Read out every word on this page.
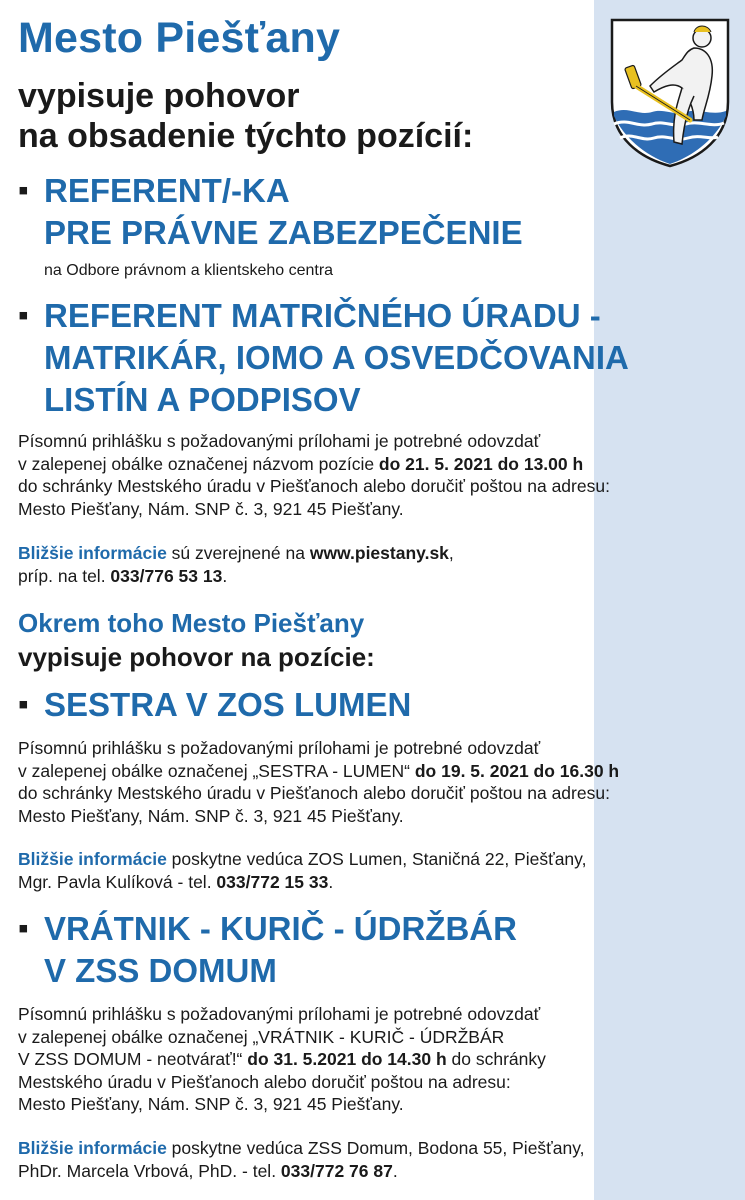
Mesto Piešťany
vypisuje pohovor
na obsadenie týchto pozícií:
▪ REFERENT/-KA
PRE PRÁVNE ZABEZPEČENIE
na Odbore právnom a klientskeho centra
▪ REFERENT MATRIČNÉHO ÚRADU -
MATRIKÁR, IOMO A OSVEDČOVANIA
LISTÍN A PODPISOV
Písomnú prihlášku s požadovanými prílohami je potrebné odovzdať
v zalepenej obálke označenej názvom pozície do 21. 5. 2021 do 13.00 h
do schránky Mestského úradu v Piešťanoch alebo doručiť poštou na adresu:
Mesto Piešťany, Nám. SNP č. 3, 921 45 Piešťany.
Bližšie informácie sú zverejnené na www.piestany.sk,
príp. na tel. 033/776 53 13.
Okrem toho Mesto Piešťany
vypisuje pohovor na pozície:
▪ SESTRA V ZOS LUMEN
Písomnú prihlášku s požadovanými prílohami je potrebné odovzdať
v zalepenej obálke označenej „SESTRA - LUMEN“ do 19. 5. 2021 do 16.30 h
do schránky Mestského úradu v Piešťanoch alebo doručiť poštou na adresu:
Mesto Piešťany, Nám. SNP č. 3, 921 45 Piešťany.
Bližšie informácie poskytne vedúca ZOS Lumen, Staničná 22, Piešťany,
Mgr. Pavla Kulíková - tel. 033/772 15 33.
▪ VRÁTNIK - KURIČ - ÚDRŽBÁR
V ZSS DOMUM
Písomnú prihlášku s požadovanými prílohami je potrebné odovzdať
v zalepenej obálke označenej „VRÁTNIK - KURIČ - ÚDRŽBÁR
V ZSS DOMUM - neotvárať!“ do 31. 5.2021 do 14.30 h do schránky
Mestského úradu v Piešťanoch alebo doručiť poštou na adresu:
Mesto Piešťany, Nám. SNP č. 3, 921 45 Piešťany.
Bližšie informácie poskytne vedúca ZSS Domum, Bodona 55, Piešťany,
PhDr. Marcela Vrbová, PhD. - tel. 033/772 76 87.
